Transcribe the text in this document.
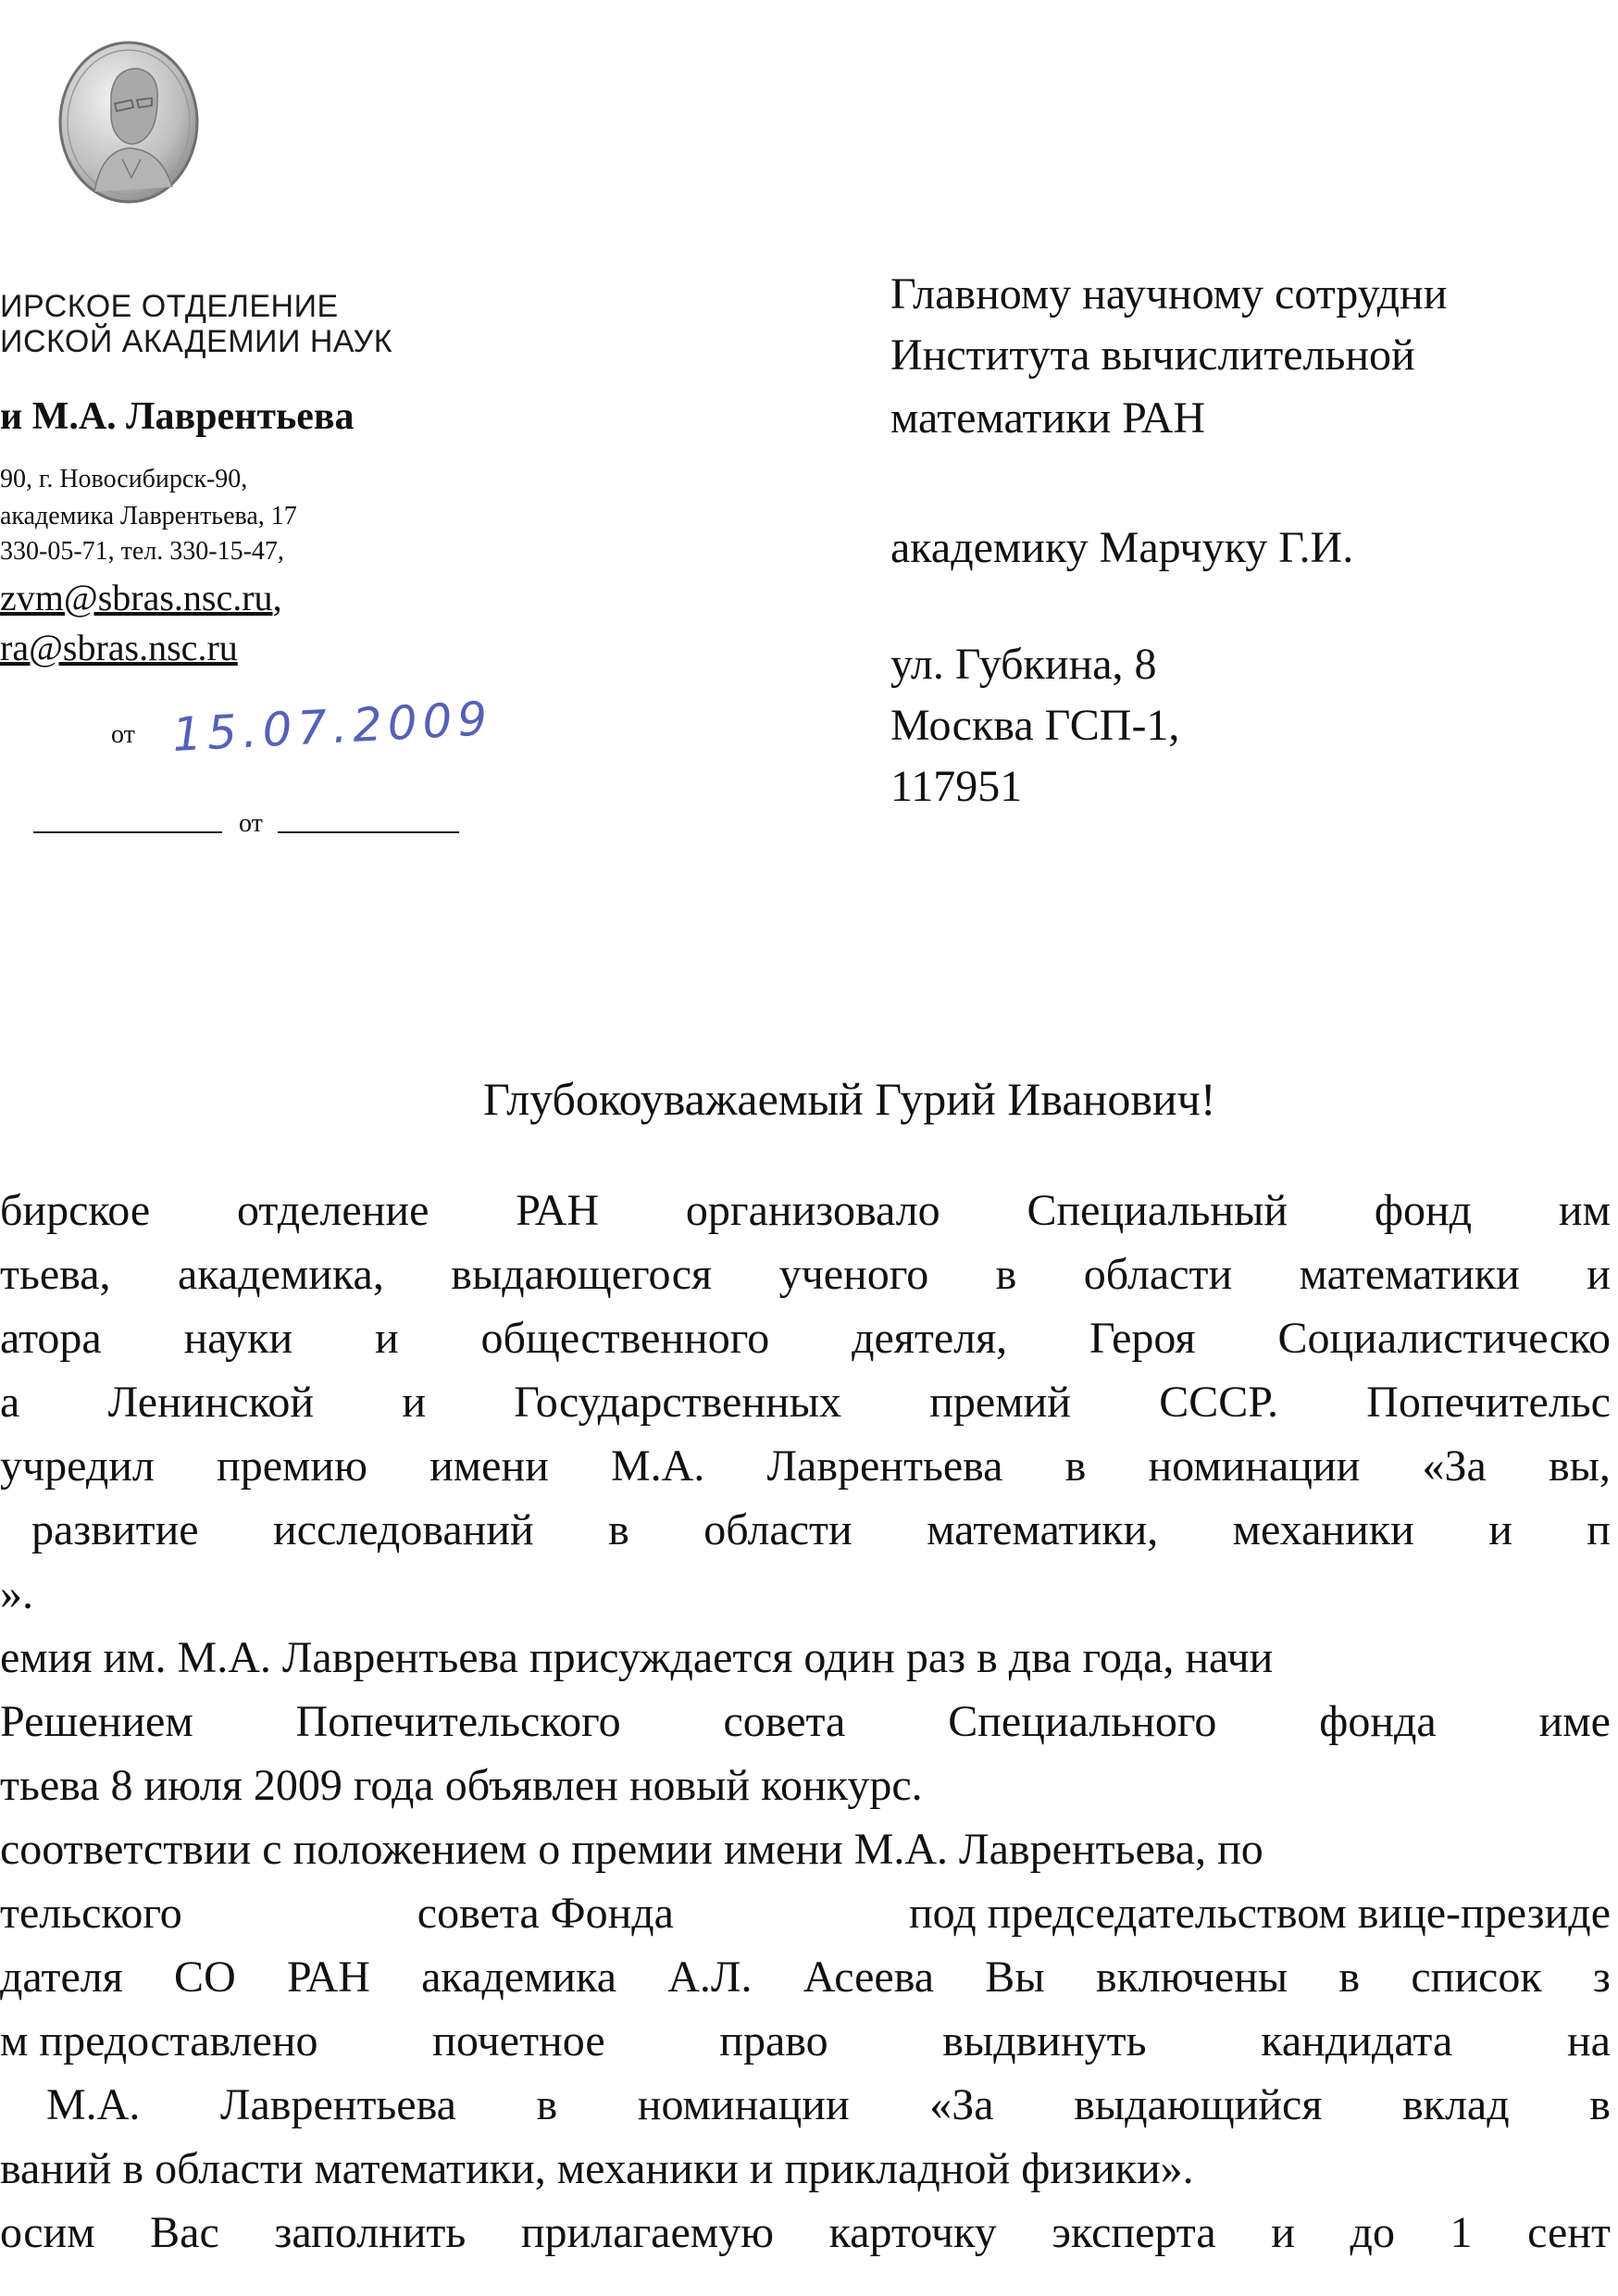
ИРСКОЕ ОТДЕЛЕНИЕ
ИСКОЙ АКАДЕМИИ НАУК
и М.А. Лаврентьева
90, г. Новосибирск-90,
академика Лаврентьева, 17
330-05-71, тел. 330-15-47,
zvm@sbras.nsc.ru,
ra@sbras.nsc.ru
от 15.07.2009
от
Главному научному сотрудни
Института вычислительной
математики РАН
академику Марчуку Г.И.
ул. Губкина, 8
Москва ГСП-1,
117951
Глубокоуважаемый Гурий Иванович!
бирское отделение РАН организовало Специальный фонд им
тьева, академика, выдающегося ученого в области математики и
атора науки и общественного деятеля, Героя Социалистическо
а Ленинской и Государственных премий СССР. Попечительс
учредил премию имени М.А. Лаврентьева в номинации «За вы,
развитие исследований в области математики, механики и п
».
емия им. М.А. Лаврентьева присуждается один раз в два года, начи
Решением Попечительского совета Специального фонда име
тьева 8 июля 2009 года объявлен новый конкурс.
соответствии с положением о премии имени М.А. Лаврентьева, по
тельского	совета Фонда	под председательством вице-президе
дателя СО РАН академика А.Л. Асеева Вы включены в список з
м предоставлено	почетное	право	выдвинуть	кандидата	на
М.А. Лаврентьева в номинации «За выдающийся вклад в
ваний в области математики, механики и прикладной физики».
осим Вас заполнить прилагаемую карточку эксперта и до 1 сент
